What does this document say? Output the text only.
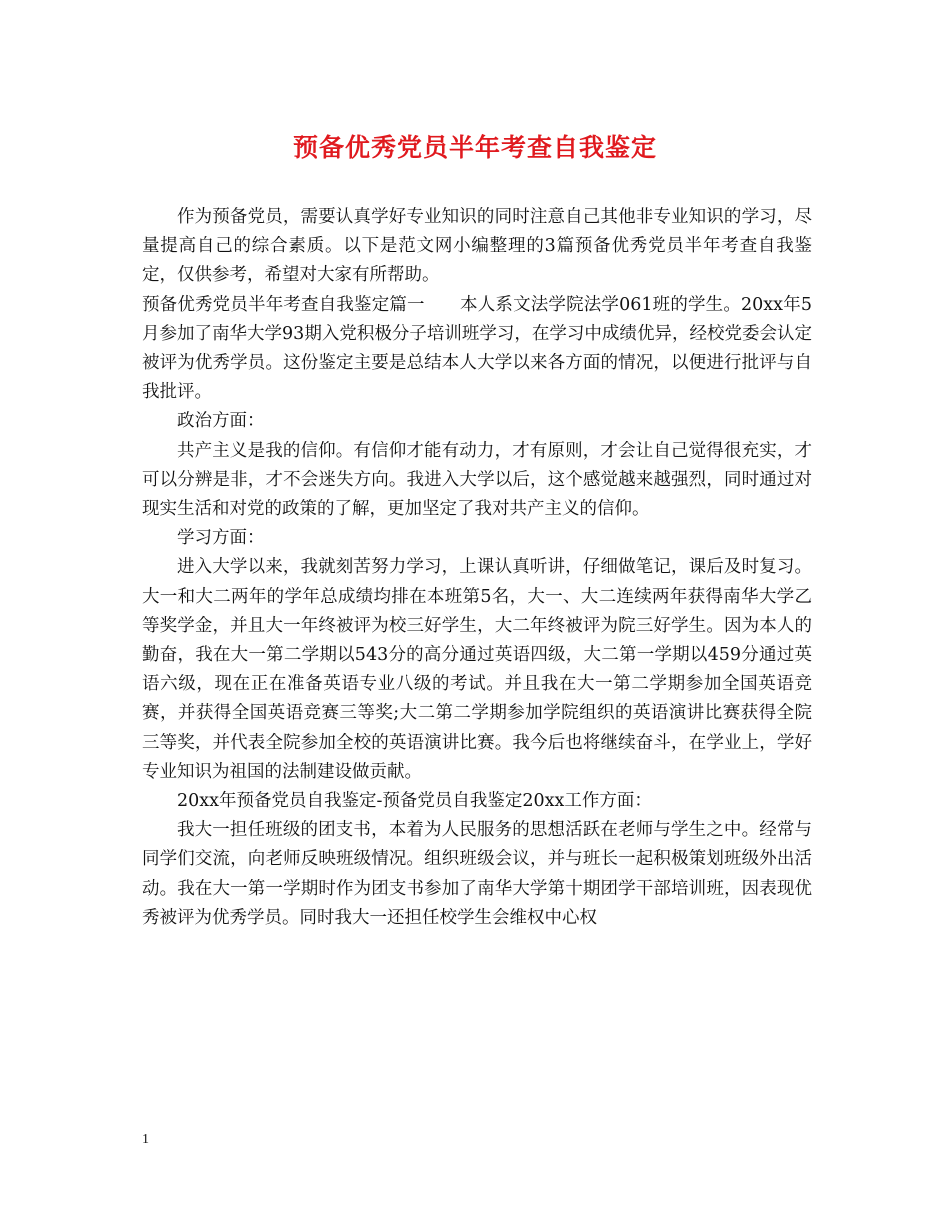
预备优秀党员半年考查自我鉴定

作为预备党员，需要认真学好专业知识的同时注意自己其他非专业知识的学习，尽量提高自己的综合素质。以下是范文网小编整理的3篇预备优秀党员半年考查自我鉴定，仅供参考，希望对大家有所帮助。

预备优秀党员半年考查自我鉴定篇一　　本人系文法学院法学061班的学生。20xx年5月参加了南华大学93期入党积极分子培训班学习，在学习中成绩优异，经校党委会认定被评为优秀学员。这份鉴定主要是总结本人大学以来各方面的情况，以便进行批评与自我批评。

政治方面：

共产主义是我的信仰。有信仰才能有动力，才有原则，才会让自己觉得很充实，才可以分辨是非，才不会迷失方向。我进入大学以后，这个感觉越来越强烈，同时通过对现实生活和对党的政策的了解，更加坚定了我对共产主义的信仰。

学习方面：

进入大学以来，我就刻苦努力学习，上课认真听讲，仔细做笔记，课后及时复习。大一和大二两年的学年总成绩均排在本班第5名，大一、大二连续两年获得南华大学乙等奖学金，并且大一年终被评为校三好学生，大二年终被评为院三好学生。因为本人的勤奋，我在大一第二学期以543分的高分通过英语四级，大二第一学期以459分通过英语六级，现在正在准备英语专业八级的考试。并且我在大一第二学期参加全国英语竞赛，并获得全国英语竞赛三等奖;大二第二学期参加学院组织的英语演讲比赛获得全院三等奖，并代表全院参加全校的英语演讲比赛。我今后也将继续奋斗，在学业上，学好专业知识为祖国的法制建设做贡献。

20xx年预备党员自我鉴定-预备党员自我鉴定20xx工作方面：

我大一担任班级的团支书，本着为人民服务的思想活跃在老师与学生之中。经常与同学们交流，向老师反映班级情况。组织班级会议，并与班长一起积极策划班级外出活动。我在大一第一学期时作为团支书参加了南华大学第十期团学干部培训班，因表现优秀被评为优秀学员。同时我大一还担任校学生会维权中心权

1
